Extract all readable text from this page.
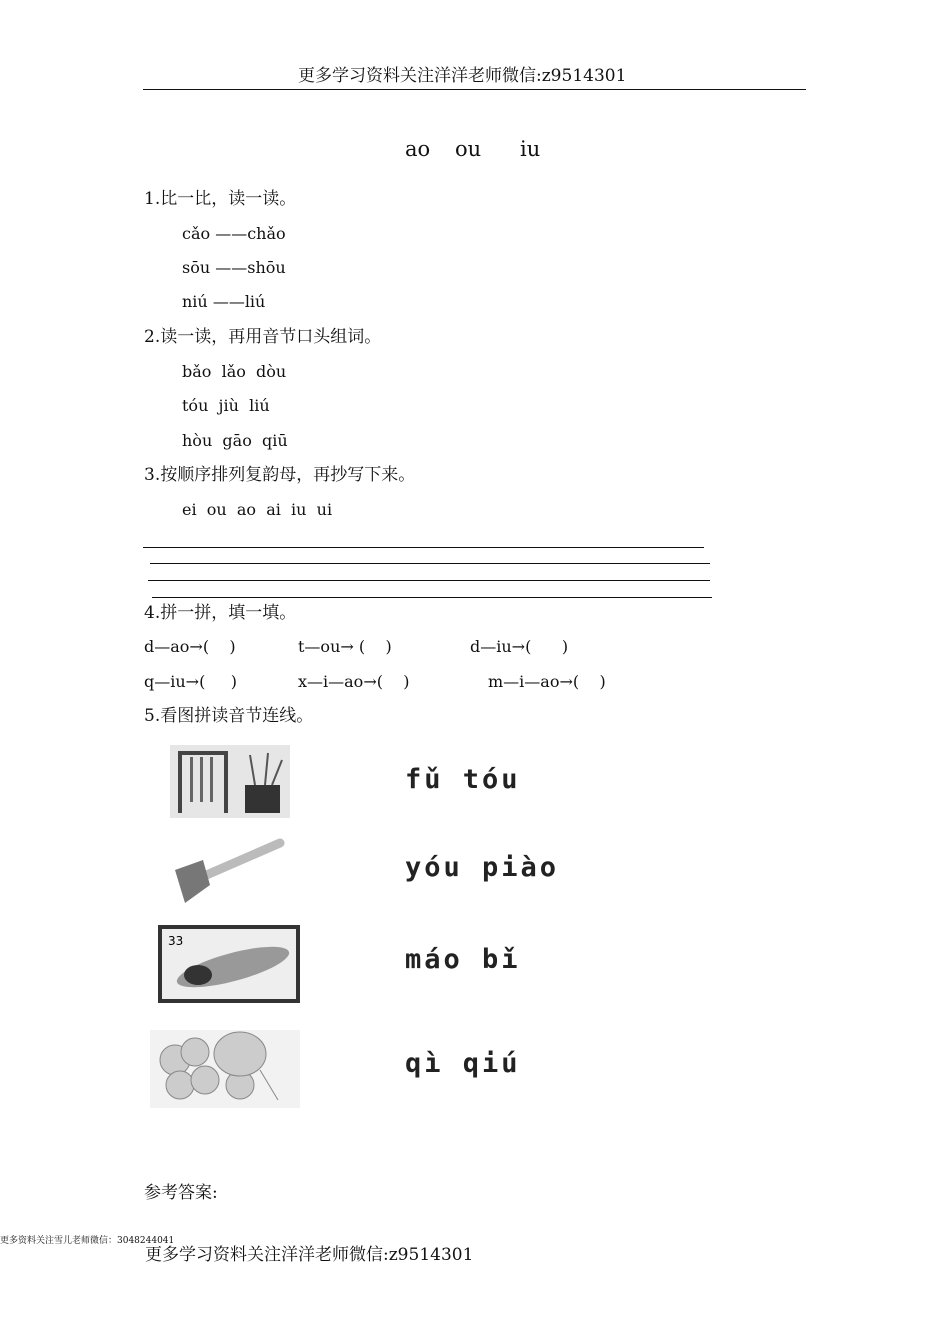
更多学习资料关注洋洋老师微信:z9514301
ao ou iu
1.比一比，读一读。
cǎo ——chǎo
sōu ——shōu
niú ——liú
2.读一读，再用音节口头组词。
bǎo  lǎo  dòu
tóu  jiù  liú
hòu  gāo  qiū
3.按顺序排列复韵母，再抄写下来。
ei  ou  ao  ai  iu  ui
4.拼一拼，填一填。
d—ao→(    )	t—ou→ (    )	d—iu→(      )
q—iu→(     )	x—i—ao→(    )	m—i—ao→(    )
5.看图拼读音节连线。
33
fǔ tóu
yóu piào
máo bǐ
qì qiú
参考答案:
更多资料关注雪儿老师微信：3048244041
更多学习资料关注洋洋老师微信:z9514301
